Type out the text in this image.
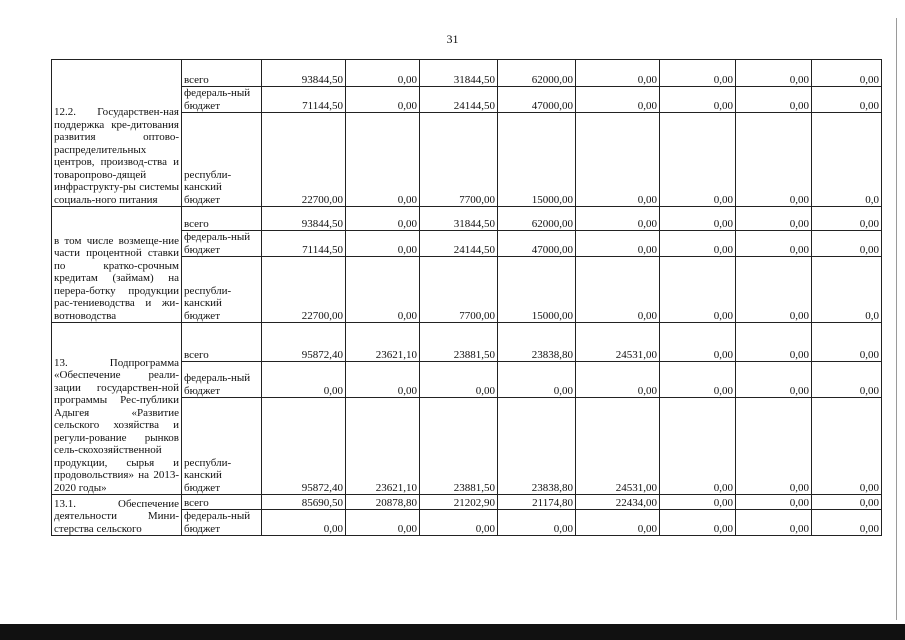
31
12.2.   Государствен-ная поддержка кре-дитования развития оптово-распределительных центров, производ-ства и товаропрово-дящей инфраструкту-ры системы социаль-ного питания	всего	93844,50	0,00	31844,50	62000,00	0,00	0,00	0,00	0,00
	федераль-ный бюджет	71144,50	0,00	24144,50	47000,00	0,00	0,00	0,00	0,00
	республи-канский бюджет	22700,00	0,00	7700,00	15000,00	0,00	0,00	0,00	0,0
в том числе возмеще-ние части процентной ставки по кратко-срочным кредитам (займам) на перера-ботку продукции рас-тениеводства и жи-вотноводства	всего	93844,50	0,00	31844,50	62000,00	0,00	0,00	0,00	0,00
	федераль-ный бюджет	71144,50	0,00	24144,50	47000,00	0,00	0,00	0,00	0,00
	республи-канский бюджет	22700,00	0,00	7700,00	15000,00	0,00	0,00	0,00	0,0
13.      Подпрограмма «Обеспечение реали-зации государствен-ной программы Рес-публики Адыгея «Развитие сельского хозяйства и регули-рование рынков сель-скохозяйственной продукции, сырья и продовольствия» на 2013-2020 годы»	всего	95872,40	23621,10	23881,50	23838,80	24531,00	0,00	0,00	0,00
	федераль-ный бюджет	0,00	0,00	0,00	0,00	0,00	0,00	0,00	0,00
	республи-канский бюджет	95872,40	23621,10	23881,50	23838,80	24531,00	0,00	0,00	0,00
13.1.       Обеспечение деятельности Мини-стерства сельского	всего	85690,50	20878,80	21202,90	21174,80	22434,00	0,00	0,00	0,00
	федераль-ный бюджет	0,00	0,00	0,00	0,00	0,00	0,00	0,00	0,00
